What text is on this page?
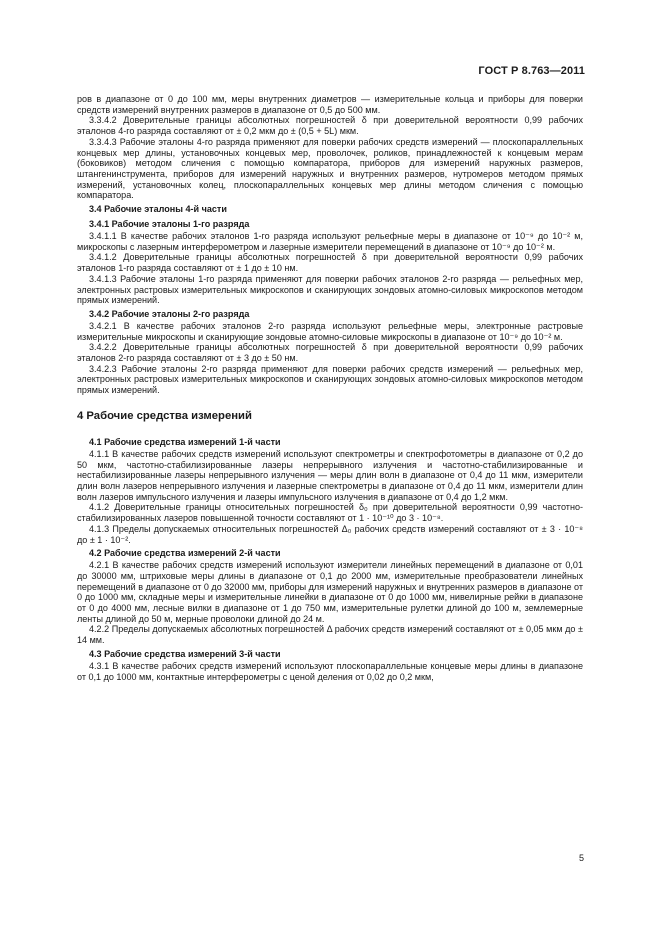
ГОСТ Р 8.763—2011

ров в диапазоне от 0 до 100 мм, меры внутренних диаметров — измерительные кольца и приборы для поверки средств измерений внутренних размеров в диапазоне от 0,5 до 500 мм.

3.3.4.2 Доверительные границы абсолютных погрешностей δ при доверительной вероятности 0,99 рабочих эталонов 4-го разряда составляют от ± 0,2 мкм до ± (0,5 + 5L) мкм.

3.3.4.3 Рабочие эталоны 4-го разряда применяют для поверки рабочих средств измерений — плоскопараллельных концевых мер длины, установочных концевых мер, проволочек, роликов, принадлежностей к концевым мерам (боковиков) методом сличения с помощью компаратора, приборов для измерений наружных размеров, штангенинструмента, приборов для измерений наружных и внутренних размеров, нутромеров методом прямых измерений, установочных колец, плоскопараллельных концевых мер длины методом сличения с помощью компаратора.

3.4 Рабочие эталоны 4-й части
3.4.1 Рабочие эталоны 1-го разряда

3.4.1.1 В качестве рабочих эталонов 1-го разряда используют рельефные меры в диапазоне от 10⁻⁹ до 10⁻² м, микроскопы с лазерным интерферометром и лазерные измерители перемещений в диапазоне от 10⁻⁹ до 10⁻² м.

3.4.1.2 Доверительные границы абсолютных погрешностей δ при доверительной вероятности 0,99 рабочих эталонов 1-го разряда составляют от ± 1 до ± 10 нм.

3.4.1.3 Рабочие эталоны 1-го разряда применяют для поверки рабочих эталонов 2-го разряда — рельефных мер, электронных растровых измерительных микроскопов и сканирующих зондовых атомно-силовых микроскопов методом прямых измерений.

3.4.2 Рабочие эталоны 2-го разряда

3.4.2.1 В качестве рабочих эталонов 2-го разряда используют рельефные меры, электронные растровые измерительные микроскопы и сканирующие зондовые атомно-силовые микроскопы в диапазоне от 10⁻⁹ до 10⁻² м.

3.4.2.2 Доверительные границы абсолютных погрешностей δ при доверительной вероятности 0,99 рабочих эталонов 2-го разряда составляют от ± 3 до ± 50 нм.

3.4.2.3 Рабочие эталоны 2-го разряда применяют для поверки рабочих средств измерений — рельефных мер, электронных растровых измерительных микроскопов и сканирующих зондовых атомно-силовых микроскопов методом прямых измерений.

4 Рабочие средства измерений
4.1 Рабочие средства измерений 1-й части

4.1.1 В качестве рабочих средств измерений используют спектрометры и спектрофотометры в диапазоне от 0,2 до 50 мкм, частотно-стабилизированные лазеры непрерывного излучения и частотно-стабилизированные и нестабилизированные лазеры непрерывного излучения — меры длин волн в диапазоне от 0,4 до 11 мкм, измерители длин волн лазеров непрерывного излучения и лазерные спектрометры в диапазоне от 0,4 до 11 мкм, измерители длин волн лазеров импульсного излучения и лазеры импульсного излучения в диапазоне от 0,4 до 1,2 мкм.

4.1.2 Доверительные границы относительных погрешностей δ₀ при доверительной вероятности 0,99 частотно-стабилизированных лазеров повышенной точности составляют от 1 · 10⁻¹⁰ до 3 · 10⁻⁸.

4.1.3 Пределы допускаемых относительных погрешностей Δ₀ рабочих средств измерений составляют от ± 3 · 10⁻⁸ до ± 1 · 10⁻².

4.2 Рабочие средства измерений 2-й части

4.2.1 В качестве рабочих средств измерений используют измерители линейных перемещений в диапазоне от 0,01 до 30000 мм, штриховые меры длины в диапазоне от 0,1 до 2000 мм, измерительные преобразователи линейных перемещений в диапазоне от 0 до 32000 мм, приборы для измерений наружных и внутренних размеров в диапазоне от 0 до 1000 мм, складные меры и измерительные линейки в диапазоне от 0 до 1000 мм, нивелирные рейки в диапазоне от 0 до 4000 мм, лесные вилки в диапазоне от 1 до 750 мм, измерительные рулетки длиной до 100 м, землемерные ленты длиной до 50 м, мерные проволоки длиной до 24 м.

4.2.2 Пределы допускаемых абсолютных погрешностей Δ рабочих средств измерений составляют от ± 0,05 мкм до ± 14 мм.

4.3 Рабочие средства измерений 3-й части

4.3.1 В качестве рабочих средств измерений используют плоскопараллельные концевые меры длины в диапазоне от 0,1 до 1000 мм, контактные интерферометры с ценой деления от 0,02 до 0,2 мкм,

5
